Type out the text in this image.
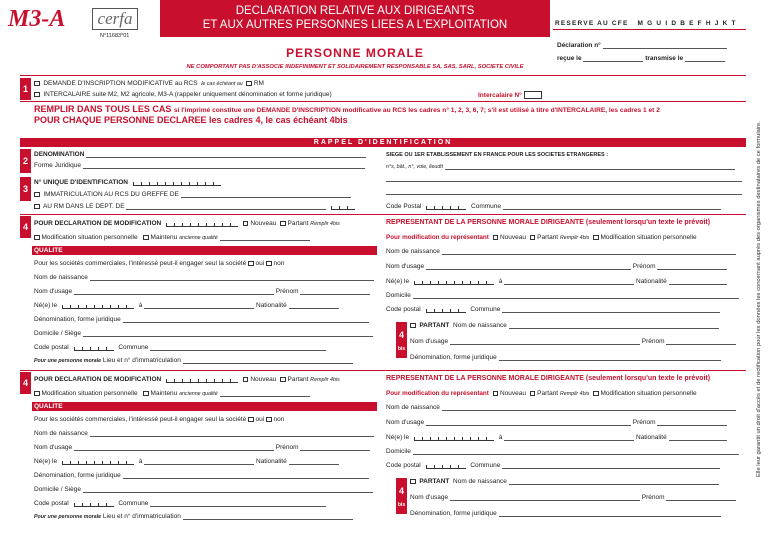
M3-A	cerfa
N°11683*01
DECLARATION RELATIVE AUX DIRIGEANTS
ET AUX AUTRES PERSONNES LIEES A L'EXPLOITATION
PERSONNE MORALE
NE COMPORTANT PAS D'ASSOCIE INDEFINIMENT ET SOLIDAIREMENT RESPONSABLE SA, SAS, SARL, SOCIETE CIVILE
RESERVE AU CFE M G U I D B E F H J K T
Déclaration n°
reçue le	transmise le
1
DEMANDE D'INSCRIPTION MODIFICATIVE au RCS le cas échéant au RM
INTERCALAIRE suite M2, M2 agricole, M3-A (rappeler uniquement dénomination et forme juridique)	Intercalaire N°
REMPLIR DANS TOUS LES CAS si l'imprimé constitue une DEMANDE D'INSCRIPTION modificative au RCS les cadres n° 1, 2, 3, 6, 7; s'il est utilisé à titre d'INTERCALAIRE, les cadres 1 et 2
POUR CHAQUE PERSONNE DECLAREE les cadres 4, le cas échéant 4bis
RAPPEL D'IDENTIFICATION
2
DENOMINATION
Forme Juridique
SIEGE OU 1ER ETABLISSEMENT EN FRANCE POUR LES SOCIETES ETRANGERES :
n°s, bât., n°, voie, lieudit
3
N° UNIQUE D'IDENTIFICATION
IMMATRICULATION AU RCS DU GREFFE DE
AU RM DANS LE DEPT. DE	Code Postal	Commune
4 POUR DECLARATION DE MODIFICATION	Nouveau Partant Remplir 4bis
Modification situation personnelle Maintenu ancienne qualité
QUALITE
Pour les sociétés commerciales, l'intéressé peut-il engager seul la société oui non
Nom de naissance
Nom d'usage	Prénom
Né(e) le	à	Nationalité
Dénomination, forme juridique
Domicile / Siège
Code postal	Commune
Pour une personne morale Lieu et n° d'immatriculation
REPRESENTANT DE LA PERSONNE MORALE DIRIGEANTE (seulement lorsqu'un texte le prévoit)
Pour modification du représentant Nouveau Partant Remplir 4bis Modification situation personnelle
Nom de naissance
Nom d'usage	Prénom
Né(e) le	à	Nationalité
Domicile
Code postal	Commune
4
bis
PARTANT Nom de naissance
Nom d'usage	Prénom
Dénomination, forme juridique
4 POUR DECLARATION DE MODIFICATION	Nouveau Partant Remplir 4bis
Modification situation personnelle Maintenu ancienne qualité
QUALITE
Pour les sociétés commerciales, l'intéressé peut-il engager seul la société oui non
Nom de naissance
Nom d'usage	Prénom
Né(e) le	à	Nationalité
Dénomination, forme juridique
Domicile / Siège
Code postal	Commune
Pour une personne morale Lieu et n° d'immatriculation
REPRESENTANT DE LA PERSONNE MORALE DIRIGEANTE (seulement lorsqu'un texte le prévoit)
Pour modification du représentant Nouveau Partant Remplir 4bis Modification situation personnelle
Nom de naissance
Nom d'usage	Prénom
Né(e) le	à	Nationalité
Domicile
Code postal	Commune
4
bis
PARTANT Nom de naissance
Nom d'usage	Prénom
Dénomination, forme juridique
Elle leur garantit un droit d'accès et de rectification pour les données les concernant auprès des organismes destinataires de ce formulaire.
